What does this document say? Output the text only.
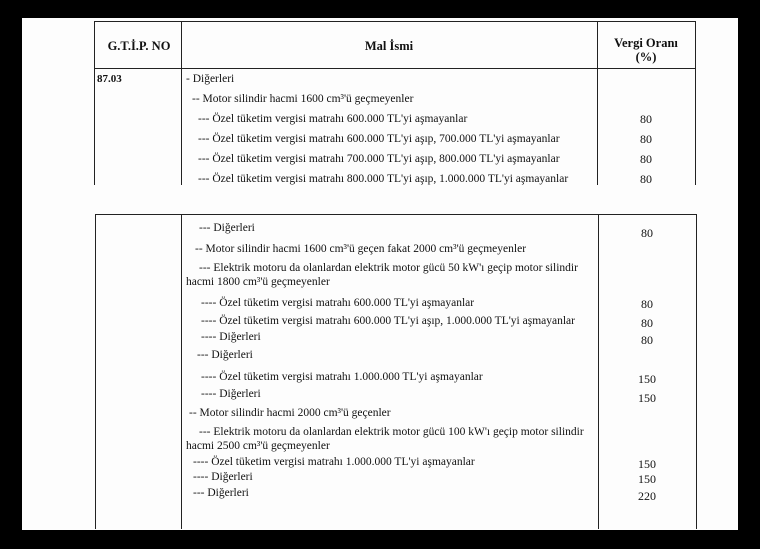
G.T.İ.P. NO	Mal İsmi	Vergi Oranı
(%)
87.03	- Diğerleri
-- Motor silindir hacmi 1600 cm³'ü geçmeyenler
--- Özel tüketim vergisi matrahı 600.000 TL'yi aşmayanlar	80
--- Özel tüketim vergisi matrahı 600.000 TL'yi aşıp, 700.000 TL'yi aşmayanlar	80
--- Özel tüketim vergisi matrahı 700.000 TL'yi aşıp, 800.000 TL'yi aşmayanlar	80
--- Özel tüketim vergisi matrahı 800.000 TL'yi aşıp, 1.000.000 TL'yi aşmayanlar	80
--- Diğerleri	80
-- Motor silindir hacmi 1600 cm³'ü geçen fakat 2000 cm³'ü geçmeyenler
--- Elektrik motoru da olanlardan elektrik motor gücü 50 kW'ı geçip motor silindir hacmi 1800 cm³'ü geçmeyenler
---- Özel tüketim vergisi matrahı 600.000 TL'yi aşmayanlar	80
---- Özel tüketim vergisi matrahı 600.000 TL'yi aşıp, 1.000.000 TL'yi aşmayanlar	80
---- Diğerleri	80
--- Diğerleri
---- Özel tüketim vergisi matrahı 1.000.000 TL'yi aşmayanlar	150
---- Diğerleri	150
-- Motor silindir hacmi 2000 cm³'ü geçenler
--- Elektrik motoru da olanlardan elektrik motor gücü 100 kW'ı geçip motor silindir hacmi 2500 cm³'ü geçmeyenler
---- Özel tüketim vergisi matrahı 1.000.000 TL'yi aşmayanlar	150
---- Diğerleri	150
--- Diğerleri	220
